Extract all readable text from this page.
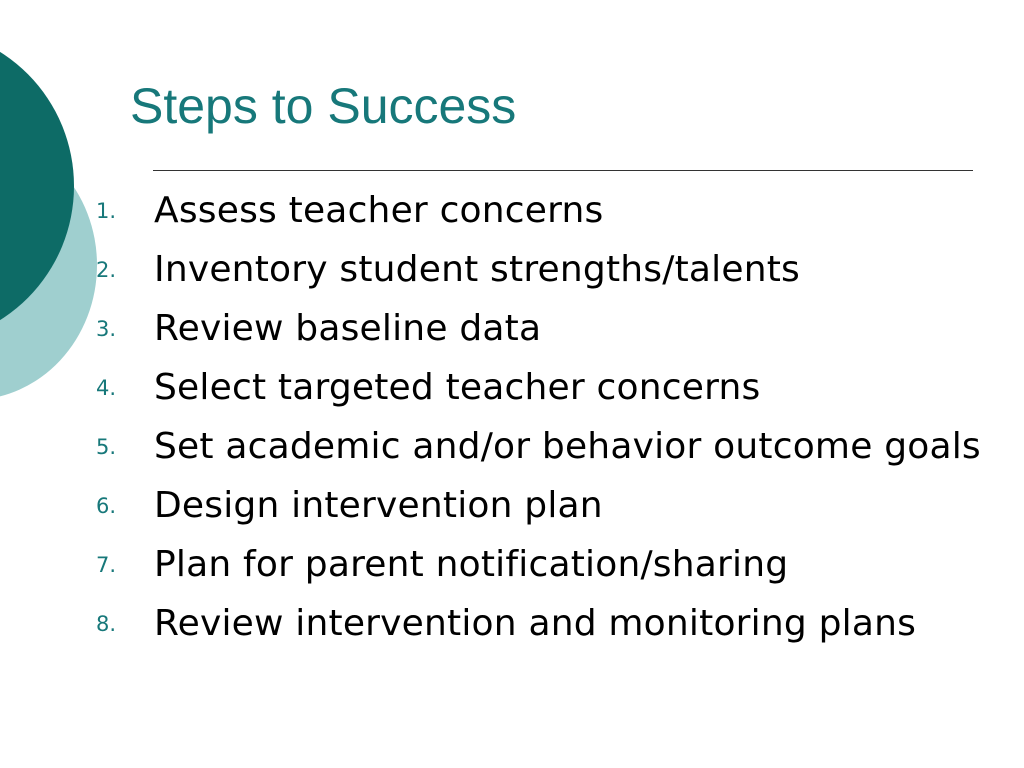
Steps to Success
1.	Assess teacher concerns
2.	Inventory student strengths/talents
3.	Review baseline data
4.	Select targeted teacher concerns
5.	Set academic and/or behavior outcome goals
6.	Design intervention plan
7.	Plan for parent notification/sharing
8.	Review intervention and monitoring plans
